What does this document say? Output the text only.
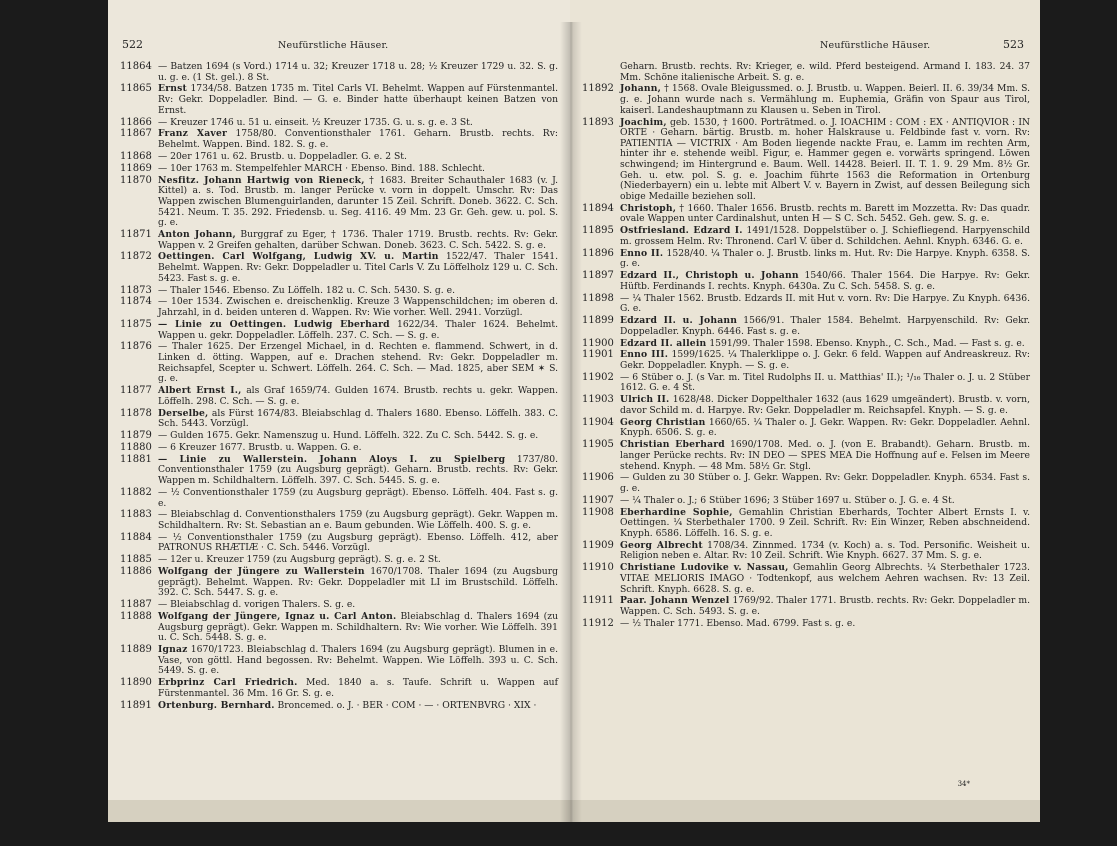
522	Neufürstliche Häuser.
11864 — Batzen 1694 (s Vord.) 1714 u. 32; Kreuzer 1718 u. 28; ½ Kreuzer 1729 u. 32. S. g. u. g. e. (1 St. gel.). 8 St.
11865 Ernst 1734/58. Batzen 1735 m. Titel Carls VI. Behelmt. Wappen auf Fürstenmantel. Rv: Gekr. Doppeladler. Bind. — G. e. Binder hatte überhaupt keinen Batzen von Ernst.
11866 — Kreuzer 1746 u. 51 u. einseit. ½ Kreuzer 1735. G. u. s. g. e. 3 St.
11867 Franz Xaver 1758/80. Conventionsthaler 1761. Geharn. Brustb. rechts. Rv: Behelmt. Wappen. Bind. 182. S. g. e.
11868 — 20er 1761 u. 62. Brustb. u. Doppeladler. G. e. 2 St.
11869 — 10er 1763 m. Stempelfehler MARCH · Ebenso. Bind. 188. Schlecht.
11870 Nesfitz. Johann Hartwig von Rieneck, † 1683. Breiter Schauthaler 1683 (v. J. Kittel) a. s. Tod. Brustb. m. langer Perücke v. vorn in doppelt. Umschr. Rv: Das Wappen zwischen Blumenguirlanden, darunter 15 Zeil. Schrift. Doneb. 3622. C. Sch. 5421. Neum. T. 35. 292. Friedensb. u. Seg. 4116. 49 Mm. 23 Gr. Geh. gew. u. pol. S. g. e.
11871 Anton Johann, Burggraf zu Eger, † 1736. Thaler 1719. Brustb. rechts. Rv: Gekr. Wappen v. 2 Greifen gehalten, darüber Schwan. Doneb. 3623. C. Sch. 5422. S. g. e.
11872 Oettingen. Carl Wolfgang, Ludwig XV. u. Martin 1522/47. Thaler 1541. Behelmt. Wappen. Rv: Gekr. Doppeladler u. Titel Carls V. Zu Löffelholz 129 u. C. Sch. 5423. Fast s. g. e.
11873 — Thaler 1546. Ebenso. Zu Löffelh. 182 u. C. Sch. 5430. S. g. e.
11874 — 10er 1534. Zwischen e. dreischenklig. Kreuze 3 Wappenschildchen; im oberen d. Jahrzahl, in d. beiden unteren d. Wappen. Rv: Wie vorher. Well. 2941. Vorzügl.
11875 — Linie zu Oettingen. Ludwig Eberhard 1622/34. Thaler 1624. Behelmt. Wappen u. gekr. Doppeladler. Löffelh. 237. C. Sch. — S. g. e.
11876 — Thaler 1625. Der Erzengel Michael, in d. Rechten e. flammend. Schwert, in d. Linken d. ötting. Wappen, auf e. Drachen stehend. Rv: Gekr. Doppeladler m. Reichsapfel, Scepter u. Schwert. Löffelh. 264. C. Sch. — Mad. 1825, aber SEM ✶ S. g. e.
11877 Albert Ernst I., als Graf 1659/74. Gulden 1674. Brustb. rechts u. gekr. Wappen. Löffelh. 298. C. Sch. — S. g. e.
11878 Derselbe, als Fürst 1674/83. Bleiabschlag d. Thalers 1680. Ebenso. Löffelh. 383. C. Sch. 5443. Vorzügl.
11879 — Gulden 1675. Gekr. Namenszug u. Hund. Löffelh. 322. Zu C. Sch. 5442. S. g. e.
11880 — 6 Kreuzer 1677. Brustb. u. Wappen. G. e.
11881 — Linie zu Wallerstein. Johann Aloys I. zu Spielberg 1737/80. Conventionsthaler 1759 (zu Augsburg geprägt). Geharn. Brustb. rechts. Rv: Gekr. Wappen m. Schildhaltern. Löffelh. 397. C. Sch. 5445. S. g. e.
11882 — ½ Conventionsthaler 1759 (zu Augsburg geprägt). Ebenso. Löffelh. 404. Fast s. g. e.
11883 — Bleiabschlag d. Conventionsthalers 1759 (zu Augsburg geprägt). Gekr. Wappen m. Schildhaltern. Rv: St. Sebastian an e. Baum gebunden. Wie Löffelh. 400. S. g. e.
11884 — ½ Conventionsthaler 1759 (zu Augsburg geprägt). Ebenso. Löffelh. 412, aber PATRONUS RHÆTIÆ · C. Sch. 5446. Vorzügl.
11885 — 12er u. Kreuzer 1759 (zu Augsburg geprägt). S. g. e. 2 St.
11886 Wolfgang der Jüngere zu Wallerstein 1670/1708. Thaler 1694 (zu Augsburg geprägt). Behelmt. Wappen. Rv: Gekr. Doppeladler mit LI im Brustschild. Löffelh. 392. C. Sch. 5447. S. g. e.
11887 — Bleiabschlag d. vorigen Thalers. S. g. e.
11888 Wolfgang der Jüngere, Ignaz u. Carl Anton. Bleiabschlag d. Thalers 1694 (zu Augsburg geprägt). Gekr. Wappen m. Schildhaltern. Rv: Wie vorher. Wie Löffelh. 391 u. C. Sch. 5448. S. g. e.
11889 Ignaz 1670/1723. Bleiabschlag d. Thalers 1694 (zu Augsburg geprägt). Blumen in e. Vase, von göttl. Hand begossen. Rv: Behelmt. Wappen. Wie Löffelh. 393 u. C. Sch. 5449. S. g. e.
11890 Erbprinz Carl Friedrich. Med. 1840 a. s. Taufe. Schrift u. Wappen auf Fürstenmantel. 36 Mm. 16 Gr. S. g. e.
11891 Ortenburg. Bernhard. Broncemed. o. J. · BER · COM · — · ORTENBVRG · XIX ·
Neufürstliche Häuser.	523
Geharn. Brustb. rechts. Rv: Krieger, e. wild. Pferd besteigend. Armand I. 183. 24. 37 Mm. Schöne italienische Arbeit. S. g. e.
11892 Johann, † 1568. Ovale Bleigussmed. o. J. Brustb. u. Wappen. Beierl. II. 6. 39/34 Mm. S. g. e. Johann wurde nach s. Vermählung m. Euphemia, Gräfin von Spaur aus Tirol, kaiserl. Landeshauptmann zu Klausen u. Seben in Tirol.
11893 Joachim, geb. 1530, † 1600. Porträtmed. o. J. IOACHIM : COM : EX · ANTIQVIOR : IN ORTE · Geharn. bärtig. Brustb. m. hoher Halskrause u. Feldbinde fast v. vorn. Rv: PATIENTIA — VICTRIX · Am Boden liegende nackte Frau, e. Lamm im rechten Arm, hinter ihr e. stehende weibl. Figur, e. Hammer gegen e. vorwärts springend. Löwen schwingend; im Hintergrund e. Baum. Well. 14428. Beierl. II. T. 1. 9. 29 Mm. 8½ Gr. Geh. u. etw. pol. S. g. e. Joachim führte 1563 die Reformation in Ortenburg (Niederbayern) ein u. lebte mit Albert V. v. Bayern in Zwist, auf dessen Beilegung sich obige Medaille beziehen soll.
11894 Christoph, † 1660. Thaler 1656. Brustb. rechts m. Barett im Mozzetta. Rv: Das quadr. ovale Wappen unter Cardinalshut, unten H — S C. Sch. 5452. Geh. gew. S. g. e.
11895 Ostfriesland. Edzard I. 1491/1528. Doppelstüber o. J. Schiefliegend. Harpyenschild m. grossem Helm. Rv: Thronend. Carl V. über d. Schildchen. Aehnl. Knyph. 6346. G. e.
11896 Enno II. 1528/40. ¼ Thaler o. J. Brustb. links m. Hut. Rv: Die Harpye. Knyph. 6358. S. g. e.
11897 Edzard II., Christoph u. Johann 1540/66. Thaler 1564. Die Harpye. Rv: Gekr. Hüftb. Ferdinands I. rechts. Knyph. 6430a. Zu C. Sch. 5458. S. g. e.
11898 — ¼ Thaler 1562. Brustb. Edzards II. mit Hut v. vorn. Rv: Die Harpye. Zu Knyph. 6436. G. e.
11899 Edzard II. u. Johann 1566/91. Thaler 1584. Behelmt. Harpyenschild. Rv: Gekr. Doppeladler. Knyph. 6446. Fast s. g. e.
11900 Edzard II. allein 1591/99. Thaler 1598. Ebenso. Knyph., C. Sch., Mad. — Fast s. g. e.
11901 Enno III. 1599/1625. ¼ Thalerklippe o. J. Gekr. 6 feld. Wappen auf Andreaskreuz. Rv: Gekr. Doppeladler. Knyph. — S. g. e.
11902 — 6 Stüber o. J. (s Var. m. Titel Rudolphs II. u. Matthias' II.); ¹/₁₆ Thaler o. J. u. 2 Stüber 1612. G. e. 4 St.
11903 Ulrich II. 1628/48. Dicker Doppelthaler 1632 (aus 1629 umgeändert). Brustb. v. vorn, davor Schild m. d. Harpye. Rv: Gekr. Doppeladler m. Reichsapfel. Knyph. — S. g. e.
11904 Georg Christian 1660/65. ¼ Thaler o. J. Gekr. Wappen. Rv: Gekr. Doppeladler. Aehnl. Knyph. 6506. S. g. e.
11905 Christian Eberhard 1690/1708. Med. o. J. (von E. Brabandt). Geharn. Brustb. m. langer Perücke rechts. Rv: IN DEO — SPES MEA Die Hoffnung auf e. Felsen im Meere stehend. Knyph. — 48 Mm. 58½ Gr. Stgl.
11906 — Gulden zu 30 Stüber o. J. Gekr. Wappen. Rv: Gekr. Doppeladler. Knyph. 6534. Fast s. g. e.
11907 — ¼ Thaler o. J.; 6 Stüber 1696; 3 Stüber 1697 u. Stüber o. J. G. e. 4 St.
11908 Eberhardine Sophie, Gemahlin Christian Eberhards, Tochter Albert Ernsts I. v. Oettingen. ¼ Sterbethaler 1700. 9 Zeil. Schrift. Rv: Ein Winzer, Reben abschneidend. Knyph. 6586. Löffelh. 16. S. g. e.
11909 Georg Albrecht 1708/34. Zinnmed. 1734 (v. Koch) a. s. Tod. Personific. Weisheit u. Religion neben e. Altar. Rv: 10 Zeil. Schrift. Wie Knyph. 6627. 37 Mm. S. g. e.
11910 Christiane Ludovike v. Nassau, Gemahlin Georg Albrechts. ¼ Sterbethaler 1723. VITAE MELIORIS IMAGO · Todtenkopf, aus welchem Aehren wachsen. Rv: 13 Zeil. Schrift. Knyph. 6628. S. g. e.
11911 Paar. Johann Wenzel 1769/92. Thaler 1771. Brustb. rechts. Rv: Gekr. Doppeladler m. Wappen. C. Sch. 5493. S. g. e.
11912 — ½ Thaler 1771. Ebenso. Mad. 6799. Fast s. g. e.
34*
